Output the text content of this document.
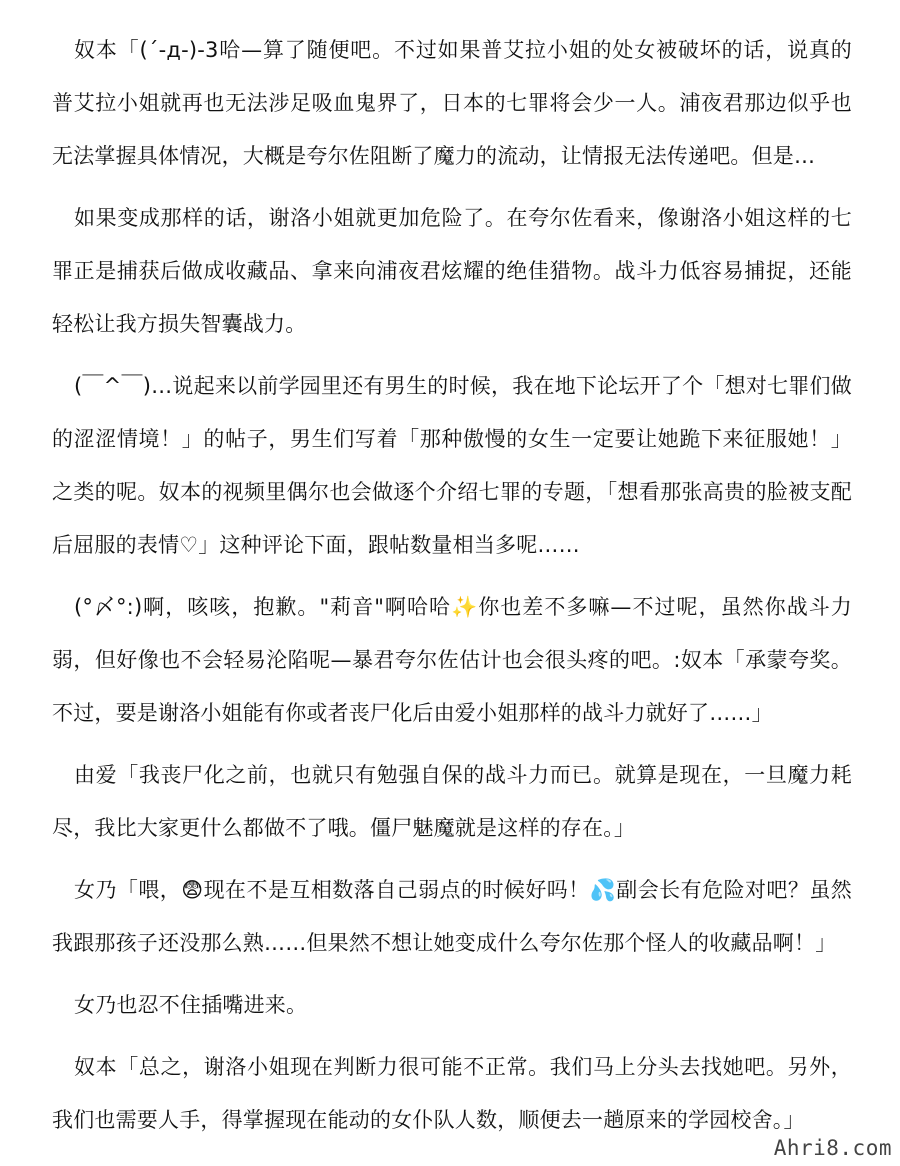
奴本「(´-д-)-3哈—算了随便吧。不过如果普艾拉小姐的处女被破坏的话，说真的普艾拉小姐就再也无法涉足吸血鬼界了，日本的七罪将会少一人。浦夜君那边似乎也无法掌握具体情况，大概是夸尔佐阻断了魔力的流动，让情报无法传递吧。但是…

如果变成那样的话，谢洛小姐就更加危险了。在夸尔佐看来，像谢洛小姐这样的七罪正是捕获后做成收藏品、拿来向浦夜君炫耀的绝佳猎物。战斗力低容易捕捉，还能轻松让我方损失智囊战力。

(￣^￣)…说起来以前学园里还有男生的时候，我在地下论坛开了个「想对七罪们做的涩涩情境！」的帖子，男生们写着「那种傲慢的女生一定要让她跪下来征服她！」之类的呢。奴本的视频里偶尔也会做逐个介绍七罪的专题，「想看那张高贵的脸被支配后屈服的表情♡」这种评论下面，跟帖数量相当多呢……

(°〆°:)啊，咳咳，抱歉。"莉音"啊哈哈✨你也差不多嘛—不过呢，虽然你战斗力弱，但好像也不会轻易沦陷呢—暴君夸尔佐估计也会很头疼的吧。:奴本「承蒙夸奖。不过，要是谢洛小姐能有你或者丧尸化后由爱小姐那样的战斗力就好了……」

由爱「我丧尸化之前，也就只有勉强自保的战斗力而已。就算是现在，一旦魔力耗尽，我比大家更什么都做不了哦。僵尸魅魔就是这样的存在。」

女乃「喂，😨现在不是互相数落自己弱点的时候好吗！💦副会长有危险对吧？虽然我跟那孩子还没那么熟……但果然不想让她变成什么夸尔佐那个怪人的收藏品啊！」

女乃也忍不住插嘴进来。

奴本「总之，谢洛小姐现在判断力很可能不正常。我们马上分头去找她吧。另外，我们也需要人手，得掌握现在能动的女仆队人数，顺便去一趟原来的学园校舍。」

Ahri8.com
